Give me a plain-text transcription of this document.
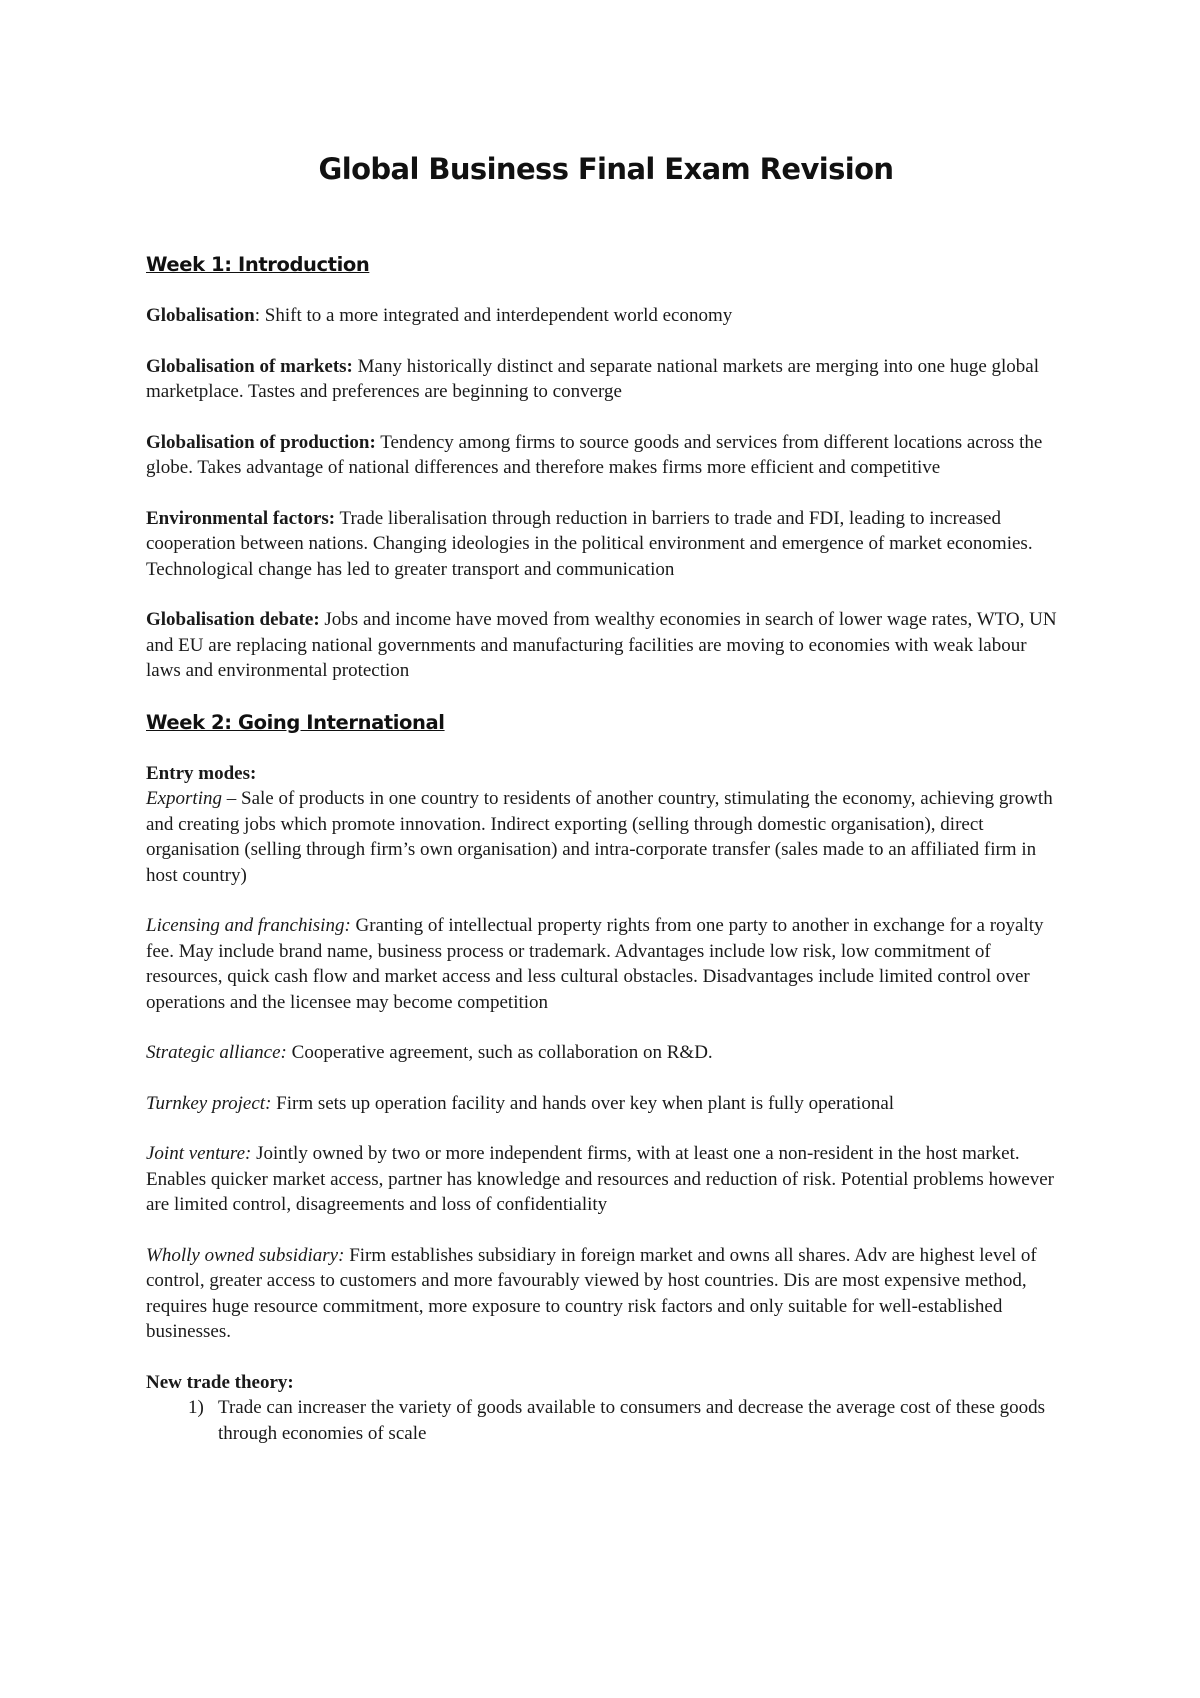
Global Business Final Exam Revision
Week 1: Introduction
Globalisation: Shift to a more integrated and interdependent world economy
Globalisation of markets: Many historically distinct and separate national markets are merging into one huge global marketplace. Tastes and preferences are beginning to converge
Globalisation of production: Tendency among firms to source goods and services from different locations across the globe. Takes advantage of national differences and therefore makes firms more efficient and competitive
Environmental factors: Trade liberalisation through reduction in barriers to trade and FDI, leading to increased cooperation between nations. Changing ideologies in the political environment and emergence of market economies. Technological change has led to greater transport and communication
Globalisation debate: Jobs and income have moved from wealthy economies in search of lower wage rates, WTO, UN and EU are replacing national governments and manufacturing facilities are moving to economies with weak labour laws and environmental protection
Week 2: Going International
Entry modes:
Exporting – Sale of products in one country to residents of another country, stimulating the economy, achieving growth and creating jobs which promote innovation. Indirect exporting (selling through domestic organisation), direct organisation (selling through firm’s own organisation) and intra-corporate transfer (sales made to an affiliated firm in host country)
Licensing and franchising: Granting of intellectual property rights from one party to another in exchange for a royalty fee. May include brand name, business process or trademark. Advantages include low risk, low commitment of resources, quick cash flow and market access and less cultural obstacles. Disadvantages include limited control over operations and the licensee may become competition
Strategic alliance: Cooperative agreement, such as collaboration on R&D.
Turnkey project: Firm sets up operation facility and hands over key when plant is fully operational
Joint venture: Jointly owned by two or more independent firms, with at least one a non-resident in the host market. Enables quicker market access, partner has knowledge and resources and reduction of risk. Potential problems however are limited control, disagreements and loss of confidentiality
Wholly owned subsidiary: Firm establishes subsidiary in foreign market and owns all shares. Adv are highest level of control, greater access to customers and more favourably viewed by host countries. Dis are most expensive method, requires huge resource commitment, more exposure to country risk factors and only suitable for well-established businesses.
New trade theory:
1) Trade can increaser the variety of goods available to consumers and decrease the average cost of these goods through economies of scale
